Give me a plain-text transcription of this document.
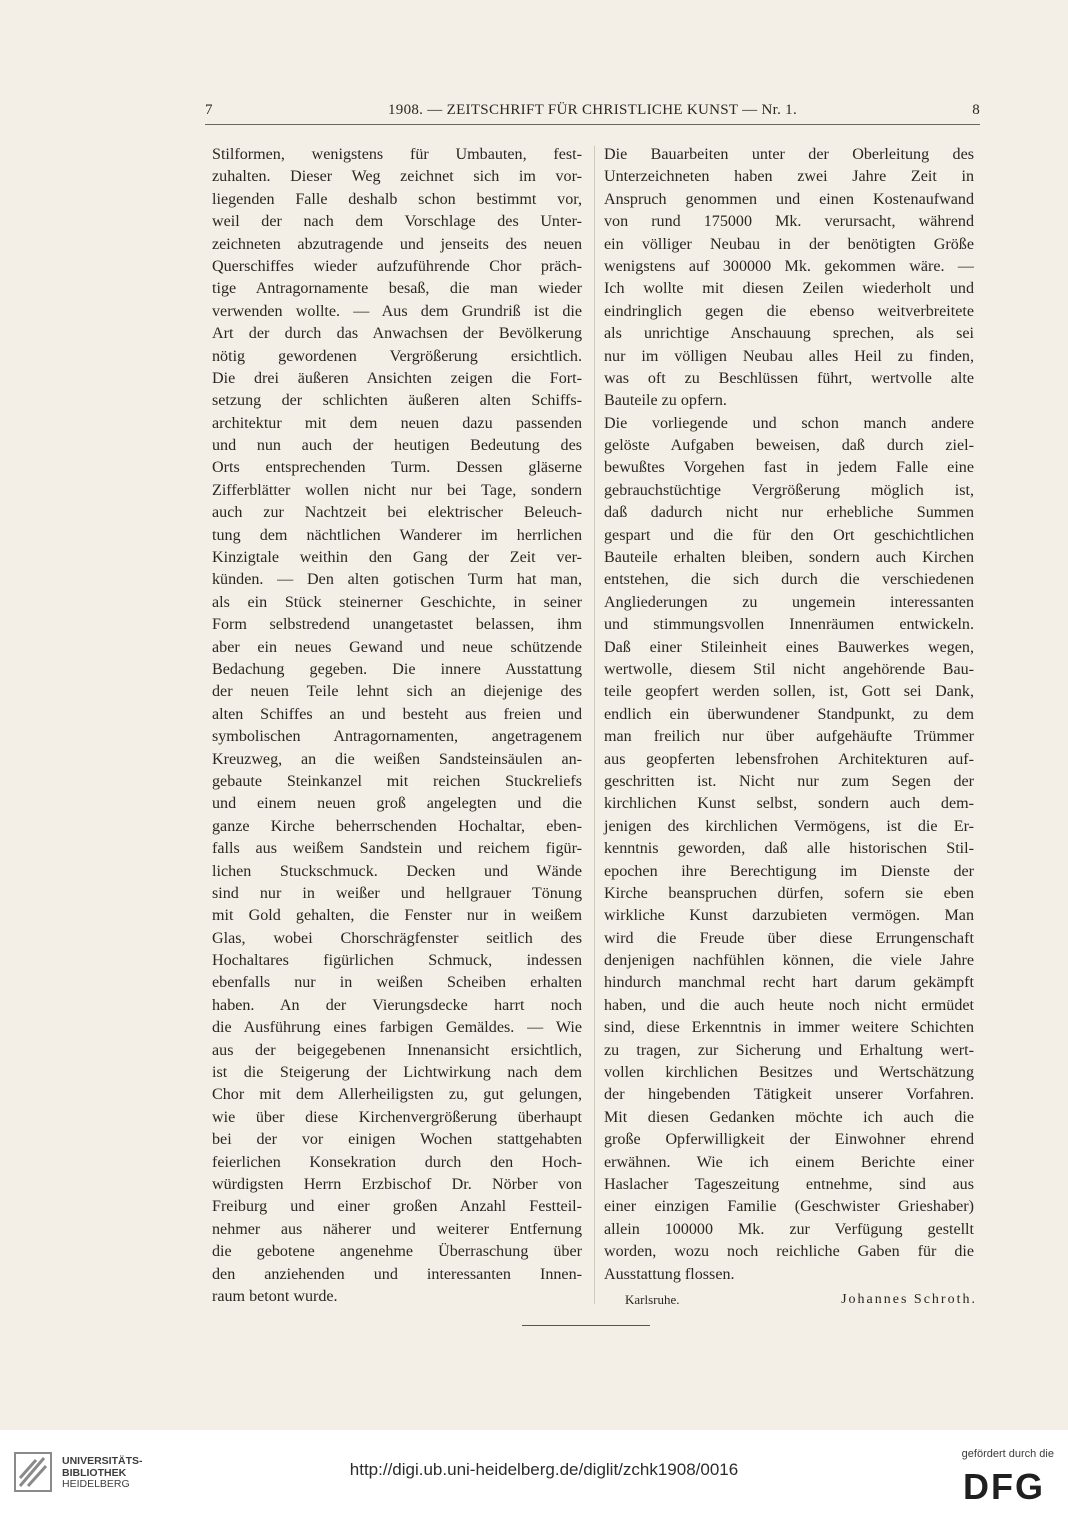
7	1908. — ZEITSCHRIFT FÜR CHRISTLICHE KUNST — Nr. 1.	8
Stilformen, wenigstens für Umbauten, fest-
zuhalten. Dieser Weg zeichnet sich im vor-
liegenden Falle deshalb schon bestimmt vor,
weil der nach dem Vorschlage des Unter-
zeichneten abzutragende und jenseits des neuen
Querschiffes wieder aufzuführende Chor präch-
tige Antragornamente besaß, die man wieder
verwenden wollte. — Aus dem Grundriß ist die
Art der durch das Anwachsen der Bevölkerung
nötig gewordenen Vergrößerung ersichtlich.
Die drei äußeren Ansichten zeigen die Fort-
setzung der schlichten äußeren alten Schiffs-
architektur mit dem neuen dazu passenden
und nun auch der heutigen Bedeutung des
Orts entsprechenden Turm. Dessen gläserne
Zifferblätter wollen nicht nur bei Tage, sondern
auch zur Nachtzeit bei elektrischer Beleuch-
tung dem nächtlichen Wanderer im herrlichen
Kinzigtale weithin den Gang der Zeit ver-
künden. — Den alten gotischen Turm hat man,
als ein Stück steinerner Geschichte, in seiner
Form selbstredend unangetastet belassen, ihm
aber ein neues Gewand und neue schützende
Bedachung gegeben. Die innere Ausstattung
der neuen Teile lehnt sich an diejenige des
alten Schiffes an und besteht aus freien und
symbolischen Antragornamenten, angetragenem
Kreuzweg, an die weißen Sandsteinsäulen an-
gebaute Steinkanzel mit reichen Stuckreliefs
und einem neuen groß angelegten und die
ganze Kirche beherrschenden Hochaltar, eben-
falls aus weißem Sandstein und reichem figür-
lichen Stuckschmuck. Decken und Wände
sind nur in weißer und hellgrauer Tönung
mit Gold gehalten, die Fenster nur in weißem
Glas, wobei Chorschrägfenster seitlich des
Hochaltares figürlichen Schmuck, indessen
ebenfalls nur in weißen Scheiben erhalten
haben. An der Vierungsdecke harrt noch
die Ausführung eines farbigen Gemäldes. — Wie
aus der beigegebenen Innenansicht ersichtlich,
ist die Steigerung der Lichtwirkung nach dem
Chor mit dem Allerheiligsten zu, gut gelungen,
wie über diese Kirchenvergrößerung überhaupt
bei der vor einigen Wochen stattgehabten
feierlichen Konsekration durch den Hoch-
würdigsten Herrn Erzbischof Dr. Nörber von
Freiburg und einer großen Anzahl Festteil-
nehmer aus näherer und weiterer Entfernung
die gebotene angenehme Überraschung über
den anziehenden und interessanten Innen-
raum betont wurde.
Die Bauarbeiten unter der Oberleitung des
Unterzeichneten haben zwei Jahre Zeit in
Anspruch genommen und einen Kostenaufwand
von rund 175000 Mk. verursacht, während
ein völliger Neubau in der benötigten Größe
wenigstens auf 300000 Mk. gekommen wäre. —
Ich wollte mit diesen Zeilen wiederholt und
eindringlich gegen die ebenso weitverbreitete
als unrichtige Anschauung sprechen, als sei
nur im völligen Neubau alles Heil zu finden,
was oft zu Beschlüssen führt, wertvolle alte
Bauteile zu opfern.
Die vorliegende und schon manch andere
gelöste Aufgaben beweisen, daß durch ziel-
bewußtes Vorgehen fast in jedem Falle eine
gebrauchstüchtige Vergrößerung möglich ist,
daß dadurch nicht nur erhebliche Summen
gespart und die für den Ort geschichtlichen
Bauteile erhalten bleiben, sondern auch Kirchen
entstehen, die sich durch die verschiedenen
Angliederungen zu ungemein interessanten
und stimmungsvollen Innenräumen entwickeln.
Daß einer Stileinheit eines Bauwerkes wegen,
wertwolle, diesem Stil nicht angehörende Bau-
teile geopfert werden sollen, ist, Gott sei Dank,
endlich ein überwundener Standpunkt, zu dem
man freilich nur über aufgehäufte Trümmer
aus geopferten lebensfrohen Architekturen auf-
geschritten ist. Nicht nur zum Segen der
kirchlichen Kunst selbst, sondern auch dem-
jenigen des kirchlichen Vermögens, ist die Er-
kenntnis geworden, daß alle historischen Stil-
epochen ihre Berechtigung im Dienste der
Kirche beanspruchen dürfen, sofern sie eben
wirkliche Kunst darzubieten vermögen. Man
wird die Freude über diese Errungenschaft
denjenigen nachfühlen können, die viele Jahre
hindurch manchmal recht hart darum gekämpft
haben, und die auch heute noch nicht ermüdet
sind, diese Erkenntnis in immer weitere Schichten
zu tragen, zur Sicherung und Erhaltung wert-
vollen kirchlichen Besitzes und Wertschätzung
der hingebenden Tätigkeit unserer Vorfahren.
Mit diesen Gedanken möchte ich auch die
große Opferwilligkeit der Einwohner ehrend
erwähnen. Wie ich einem Berichte einer
Haslacher Tageszeitung entnehme, sind aus
einer einzigen Familie (Geschwister Grieshaber)
allein 100000 Mk. zur Verfügung gestellt
worden, wozu noch reichliche Gaben für die
Ausstattung flossen.
Karlsruhe.	Johannes Schroth.
UNIVERSITÄTS-
BIBLIOTHEK
HEIDELBERG
http://digi.ub.uni-heidelberg.de/diglit/zchk1908/0016
gefördert durch die
DFG
